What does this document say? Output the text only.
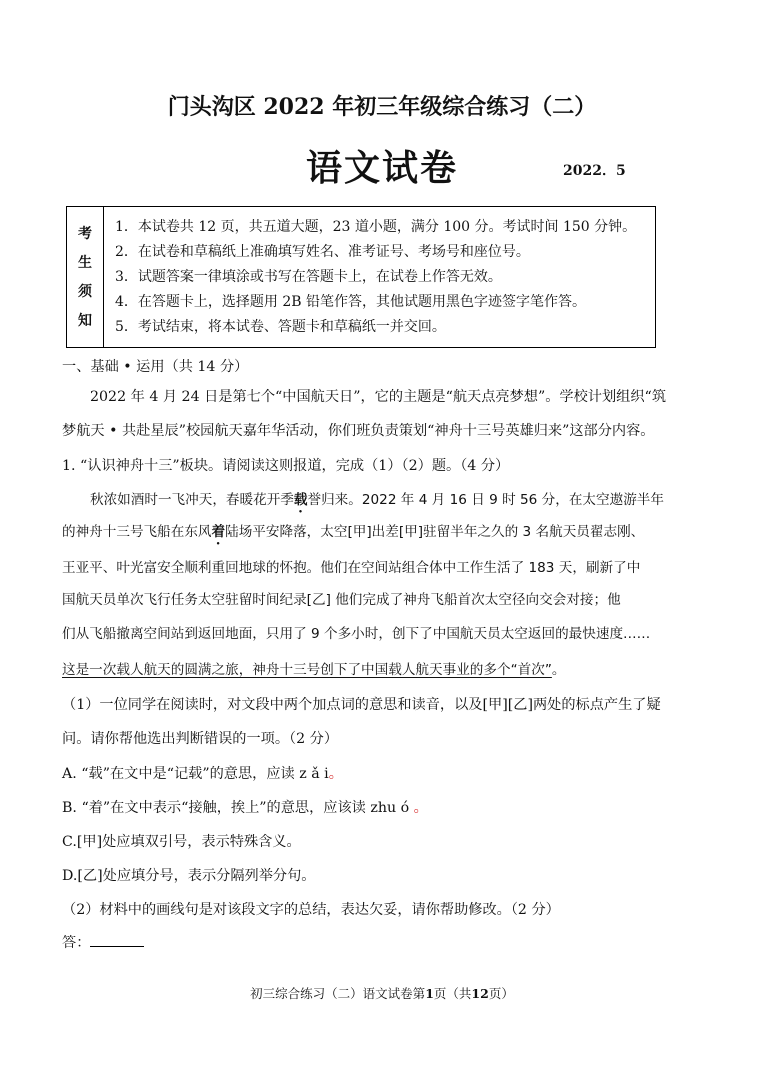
门头沟区 2022 年初三年级综合练习（二）
语文试卷	2022．5
考
生
须
知
1．本试卷共 12 页，共五道大题，23 道小题，满分 100 分。考试时间 150 分钟。
2．在试卷和草稿纸上准确填写姓名、准考证号、考场号和座位号。
3．试题答案一律填涂或书写在答题卡上，在试卷上作答无效。
4．在答题卡上，选择题用 2B 铅笔作答，其他试题用黑色字迹签字笔作答。
5．考试结束，将本试卷、答题卡和草稿纸一并交回。
一、基础 • 运用（共 14 分）
2022 年 4 月 24 日是第七个“中国航天日”，它的主题是“航天点亮梦想”。学校计划组织“筑
梦航天 • 共赴星辰”校园航天嘉年华活动，你们班负责策划“神舟十三号英雄归来”这部分内容。
1. “认识神舟十三”板块。请阅读这则报道，完成（1）（2）题。（4 分）
秋浓如酒时一飞冲天，春暖花开季载誉归来。2022 年 4 月 16 日 9 时 56 分，在太空遨游半年
的神舟十三号飞船在东风着陆场平安降落，太空[甲]出差[甲]驻留半年之久的 3 名航天员翟志刚、
王亚平、叶光富安全顺利重回地球的怀抱。他们在空间站组合体中工作生活了 183 天，刷新了中
国航天员单次飞行任务太空驻留时间纪录[乙] 他们完成了神舟飞船首次太空径向交会对接；他
们从飞船撤离空间站到返回地面，只用了 9 个多小时，创下了中国航天员太空返回的最快速度……
这是一次载人航天的圆满之旅，神舟十三号创下了中国载人航天事业的多个“首次”。
（1）一位同学在阅读时，对文段中两个加点词的意思和读音，以及[甲][乙]两处的标点产生了疑
问。请你帮他选出判断错误的一项。（2 分）
A. “载”在文中是“记载”的意思，应读 z ǎ i。
B. “着”在文中表示“接触，挨上”的意思，应该读 zhu ó 。
C.[甲]处应填双引号，表示特殊含义。
D.[乙]处应填分号，表示分隔列举分句。
（2）材料中的画线句是对该段文字的总结，表达欠妥，请你帮助修改。（2 分）
答：
初三综合练习（二）语文试卷第1页（共12页）
